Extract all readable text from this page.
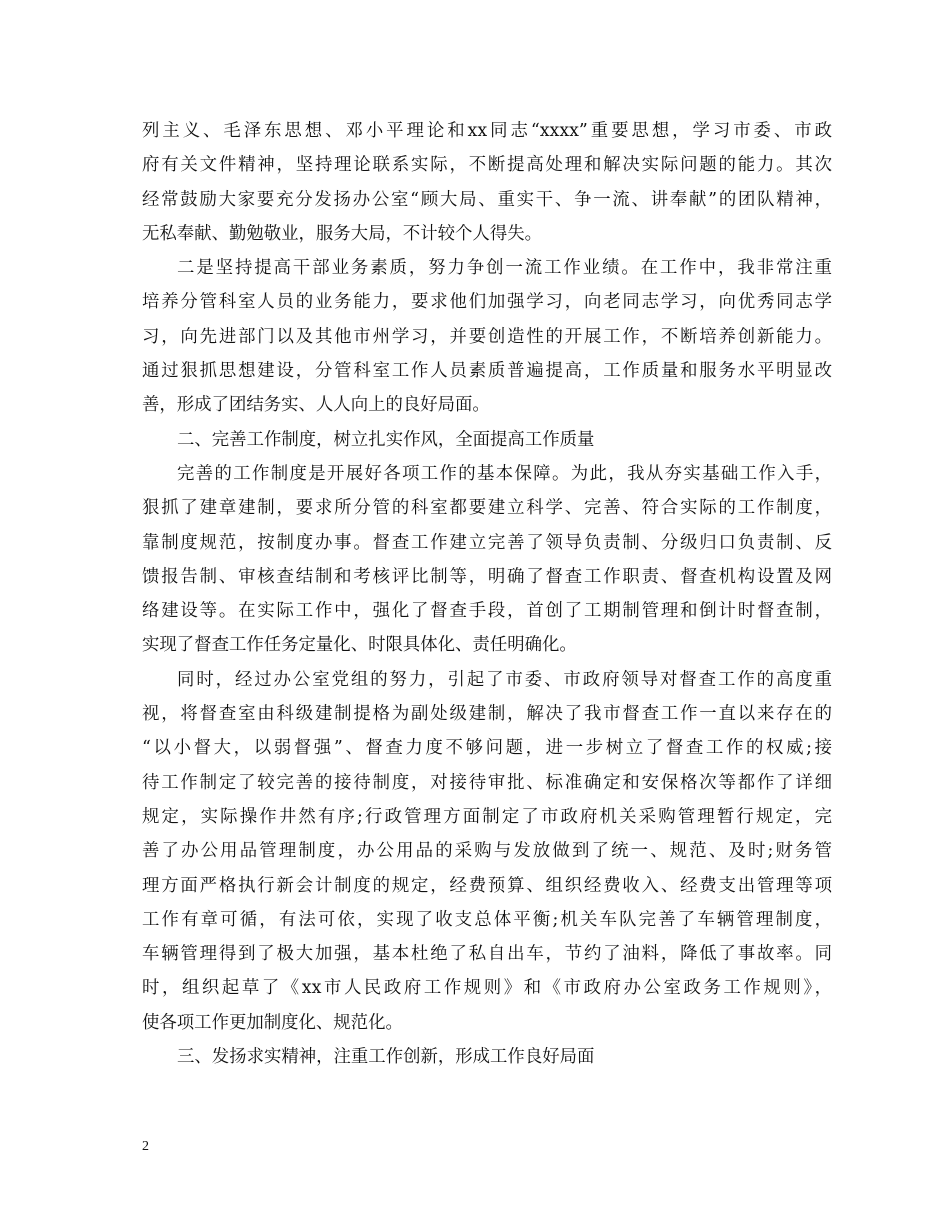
列主义、毛泽东思想、邓小平理论和xx同志“xxxx”重要思想，学习市委、市政
府有关文件精神，坚持理论联系实际，不断提高处理和解决实际问题的能力。其次
经常鼓励大家要充分发扬办公室“顾大局、重实干、争一流、讲奉献”的团队精神，
无私奉献、勤勉敬业，服务大局，不计较个人得失。
二是坚持提高干部业务素质，努力争创一流工作业绩。在工作中，我非常注重
培养分管科室人员的业务能力，要求他们加强学习，向老同志学习，向优秀同志学
习，向先进部门以及其他市州学习，并要创造性的开展工作，不断培养创新能力。
通过狠抓思想建设，分管科室工作人员素质普遍提高，工作质量和服务水平明显改
善，形成了团结务实、人人向上的良好局面。
二、完善工作制度，树立扎实作风，全面提高工作质量
完善的工作制度是开展好各项工作的基本保障。为此，我从夯实基础工作入手，
狠抓了建章建制，要求所分管的科室都要建立科学、完善、符合实际的工作制度，
靠制度规范，按制度办事。督查工作建立完善了领导负责制、分级归口负责制、反
馈报告制、审核查结制和考核评比制等，明确了督查工作职责、督查机构设置及网
络建设等。在实际工作中，强化了督查手段，首创了工期制管理和倒计时督查制，
实现了督查工作任务定量化、时限具体化、责任明确化。
同时，经过办公室党组的努力，引起了市委、市政府领导对督查工作的高度重
视，将督查室由科级建制提格为副处级建制，解决了我市督查工作一直以来存在的
“以小督大，以弱督强”、督查力度不够问题，进一步树立了督查工作的权威;接
待工作制定了较完善的接待制度，对接待审批、标准确定和安保格次等都作了详细
规定，实际操作井然有序;行政管理方面制定了市政府机关采购管理暂行规定，完
善了办公用品管理制度，办公用品的采购与发放做到了统一、规范、及时;财务管
理方面严格执行新会计制度的规定，经费预算、组织经费收入、经费支出管理等项
工作有章可循，有法可依，实现了收支总体平衡;机关车队完善了车辆管理制度，
车辆管理得到了极大加强，基本杜绝了私自出车，节约了油料，降低了事故率。同
时，组织起草了《xx市人民政府工作规则》和《市政府办公室政务工作规则》，
使各项工作更加制度化、规范化。
三、发扬求实精神，注重工作创新，形成工作良好局面
2
